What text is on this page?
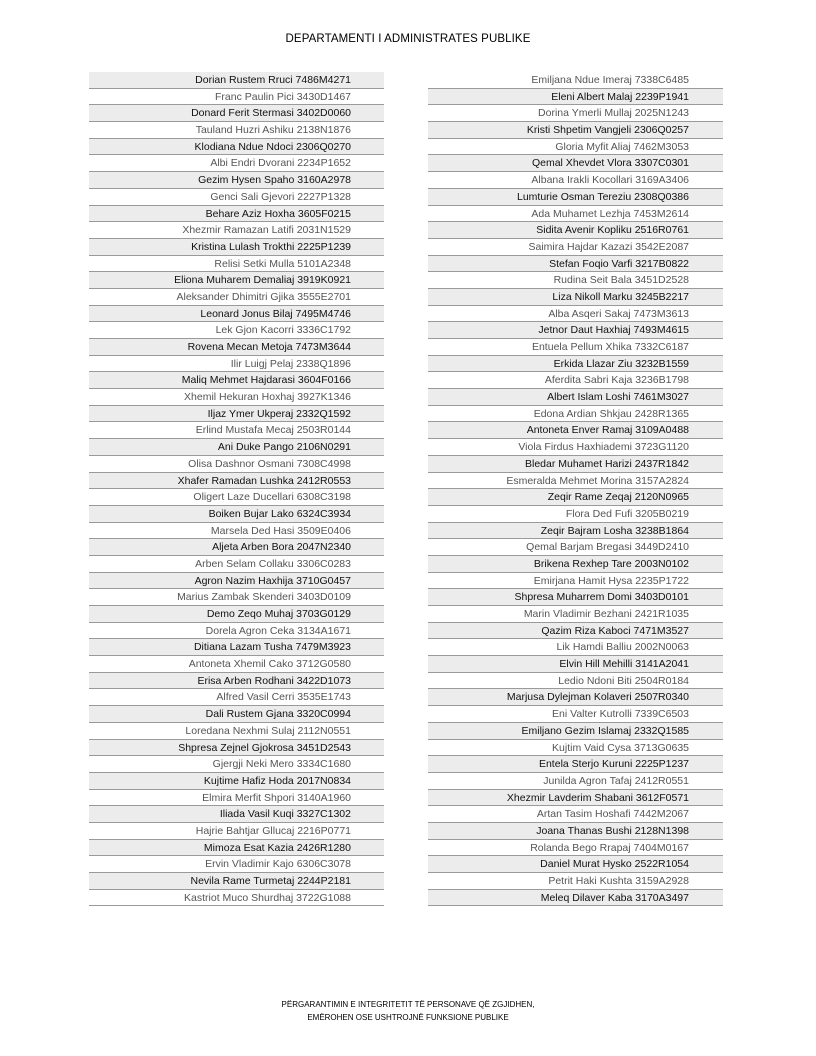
DEPARTAMENTI I ADMINISTRATES PUBLIKE
Dorian Rustem Rruci 7486M4271
Franc Paulin Pici 3430D1467
Donard Ferit Stermasi 3402D0060
Tauland Huzri Ashiku 2138N1876
Klodiana Ndue Ndoci 2306Q0270
Albi Endri Dvorani 2234P1652
Gezim Hysen Spaho 3160A2978
Genci Sali Gjevori 2227P1328
Behare Aziz Hoxha 3605F0215
Xhezmir Ramazan Latifi 2031N1529
Kristina Lulash Trokthi 2225P1239
Relisi Setki Mulla 5101A2348
Eliona Muharem Demaliaj 3919K0921
Aleksander Dhimitri Gjika 3555E2701
Leonard Jonus Bilaj 7495M4746
Lek Gjon Kacorri 3336C1792
Rovena Mecan Metoja 7473M3644
Ilir Luigj Pelaj 2338Q1896
Maliq Mehmet Hajdarasi 3604F0166
Xhemil Hekuran Hoxhaj 3927K1346
Iljaz Ymer Ukperaj 2332Q1592
Erlind Mustafa Mecaj 2503R0144
Ani Duke Pango 2106N0291
Olisa Dashnor Osmani 7308C4998
Xhafer Ramadan Lushka 2412R0553
Oligert Laze Ducellari 6308C3198
Boiken Bujar Lako 6324C3934
Marsela Ded Hasi 3509E0406
Aljeta Arben Bora 2047N2340
Arben Selam Collaku 3306C0283
Agron Nazim Haxhija 3710G0457
Marius Zambak Skenderi 3403D0109
Demo Zeqo Muhaj 3703G0129
Dorela Agron Ceka 3134A1671
Ditiana Lazam Tusha 7479M3923
Antoneta Xhemil Cako 3712G0580
Erisa Arben Rodhani 3422D1073
Alfred Vasil Cerri 3535E1743
Dali Rustem Gjana 3320C0994
Loredana Nexhmi Sulaj 2112N0551
Shpresa Zejnel Gjokrosa 3451D2543
Gjergji Neki Mero 3334C1680
Kujtime Hafiz Hoda 2017N0834
Elmira Merfit Shpori 3140A1960
Iliada Vasil Kuqi 3327C1302
Hajrie Bahtjar Gllucaj 2216P0771
Mimoza Esat Kazia 2426R1280
Ervin Vladimir Kajo 6306C3078
Nevila Rame Turmetaj 2244P2181
Kastriot Muco Shurdhaj 3722G1088
Emiljana Ndue Imeraj 7338C6485
Eleni Albert Malaj 2239P1941
Dorina Ymerli Mullaj 2025N1243
Kristi Shpetim Vangjeli 2306Q0257
Gloria Myfit Aliaj 7462M3053
Qemal Xhevdet Vlora 3307C0301
Albana Irakli Kocollari 3169A3406
Lumturie Osman Tereziu 2308Q0386
Ada Muhamet Lezhja 7453M2614
Sidita Avenir Kopliku 2516R0761
Saimira Hajdar Kazazi 3542E2087
Stefan Foqio Varfi 3217B0822
Rudina Seit Bala 3451D2528
Liza Nikoll Marku 3245B2217
Alba Asqeri Sakaj 7473M3613
Jetnor Daut Haxhiaj 7493M4615
Entuela Pellum Xhika 7332C6187
Erkida Llazar Ziu 3232B1559
Aferdita Sabri Kaja 3236B1798
Albert Islam Loshi 7461M3027
Edona Ardian Shkjau 2428R1365
Antoneta Enver Ramaj 3109A0488
Viola Firdus Haxhiademi 3723G1120
Bledar Muhamet Harizi 2437R1842
Esmeralda Mehmet Morina 3157A2824
Zeqir Rame Zeqaj 2120N0965
Flora Ded Fufi 3205B0219
Zeqir Bajram Losha 3238B1864
Qemal Barjam Bregasi 3449D2410
Brikena Rexhep Tare 2003N0102
Emirjana Hamit Hysa 2235P1722
Shpresa Muharrem Domi 3403D0101
Marin Vladimir Bezhani 2421R1035
Qazim Riza Kaboci 7471M3527
Lik Hamdi Balliu 2002N0063
Elvin Hill Mehilli 3141A2041
Ledio Ndoni Biti 2504R0184
Marjusa Dylejman Kolaveri 2507R0340
Eni Valter Kutrolli 7339C6503
Emiljano Gezim Islamaj 2332Q1585
Kujtim Vaid Cysa 3713G0635
Entela Sterjo Kuruni 2225P1237
Junilda Agron Tafaj 2412R0551
Xhezmir Lavderim Shabani 3612F0571
Artan Tasim Hoshafi 7442M2067
Joana Thanas Bushi 2128N1398
Rolanda Bego Rrapaj 7404M0167
Daniel Murat Hysko 2522R1054
Petrit Haki Kushta 3159A2928
Meleq Dilaver Kaba 3170A3497
PËRGARANTIMIN E INTEGRITETIT TË PERSONAVE QË ZGJIDHEN,
EMËROHEN OSE USHTROJNË FUNKSIONE PUBLIKE
